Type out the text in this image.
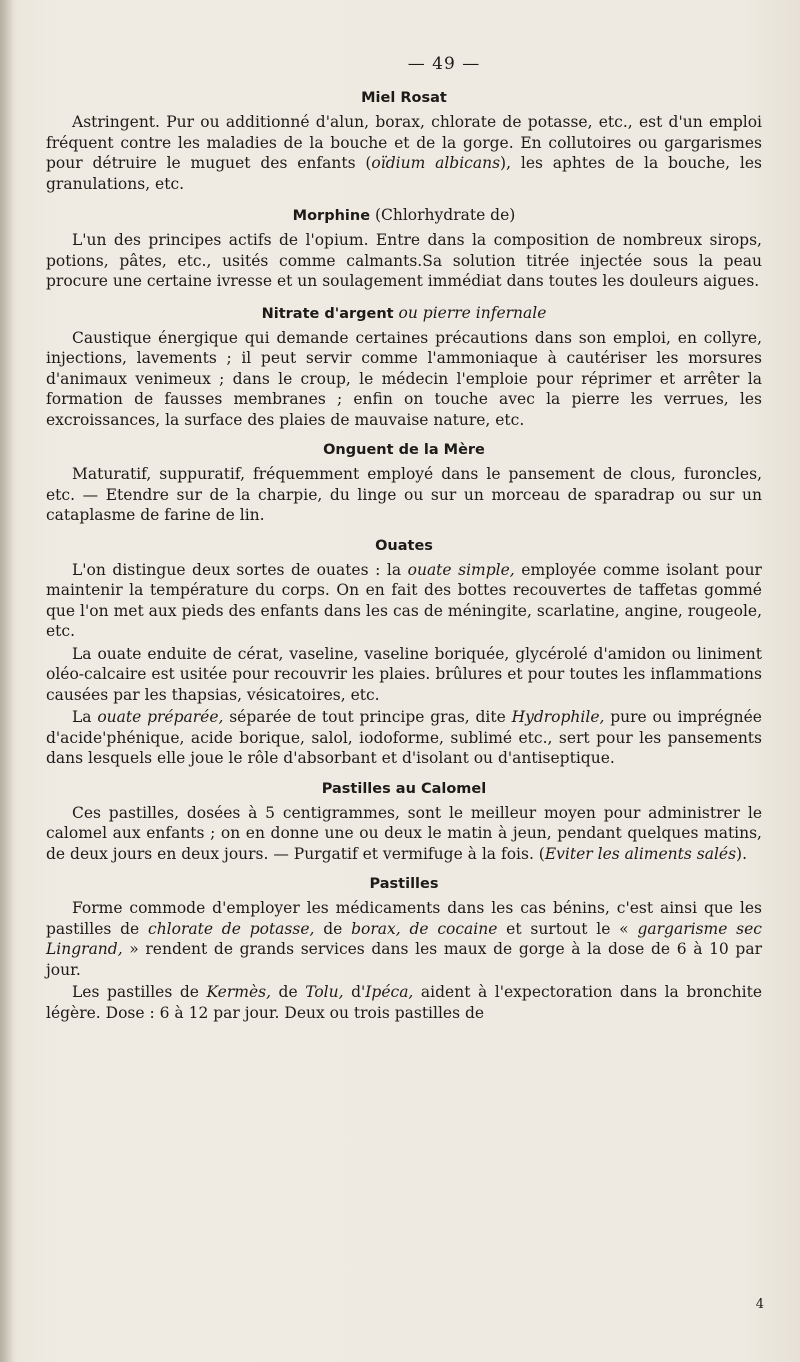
— 49 —
Miel Rosat

Astringent. Pur ou additionné d'alun, borax, chlorate de potasse, etc., est d'un emploi fréquent contre les maladies de la bouche et de la gorge. En collutoires ou gargarismes pour détruire le muguet des enfants (oïdium albicans), les aphtes de la bouche, les granulations, etc.

Morphine (Chlorhydrate de)

L'un des principes actifs de l'opium. Entre dans la composition de nombreux sirops, potions, pâtes, etc., usités comme calmants.Sa solution titrée injectée sous la peau procure une certaine ivresse et un soulagement immédiat dans toutes les douleurs aigues.

Nitrate d'argent ou pierre infernale

Caustique énergique qui demande certaines précautions dans son emploi, en collyre, injections, lavements ; il peut servir comme l'ammoniaque à cautériser les morsures d'animaux venimeux ; dans le croup, le médecin l'emploie pour réprimer et arrêter la formation de fausses membranes ; enfin on touche avec la pierre les verrues, les excroissances, la surface des plaies de mauvaise nature, etc.

Onguent de la Mère

Maturatif, suppuratif, fréquemment employé dans le pansement de clous, furoncles, etc. — Etendre sur de la charpie, du linge ou sur un morceau de sparadrap ou sur un cataplasme de farine de lin.

Ouates

L'on distingue deux sortes de ouates : la ouate simple, employée comme isolant pour maintenir la température du corps. On en fait des bottes recouvertes de taffetas gommé que l'on met aux pieds des enfants dans les cas de méningite, scarlatine, angine, rougeole, etc.

La ouate enduite de cérat, vaseline, vaseline boriquée, glycérolé d'amidon ou liniment oléo-calcaire est usitée pour recouvrir les plaies. brûlures et pour toutes les inflammations causées par les thapsias, vésicatoires, etc.

La ouate préparée, séparée de tout principe gras, dite Hydrophile, pure ou imprégnée d'acide'phénique, acide borique, salol, iodoforme, sublimé etc., sert pour les pansements dans lesquels elle joue le rôle d'absorbant et d'isolant ou d'antiseptique.

Pastilles au Calomel

Ces pastilles, dosées à 5 centigrammes, sont le meilleur moyen pour administrer le calomel aux enfants ; on en donne une ou deux le matin à jeun, pendant quelques matins, de deux jours en deux jours. — Purgatif et vermifuge à la fois. (Eviter les aliments salés).

Pastilles

Forme commode d'employer les médicaments dans les cas bénins, c'est ainsi que les pastilles de chlorate de potasse, de borax, de cocaine et surtout le « gargarisme sec Lingrand, » rendent de grands services dans les maux de gorge à la dose de 6 à 10 par jour.

Les pastilles de Kermès, de Tolu, d'Ipéca, aident à l'expectoration dans la bronchite légère. Dose : 6 à 12 par jour. Deux ou trois pastilles de

4
